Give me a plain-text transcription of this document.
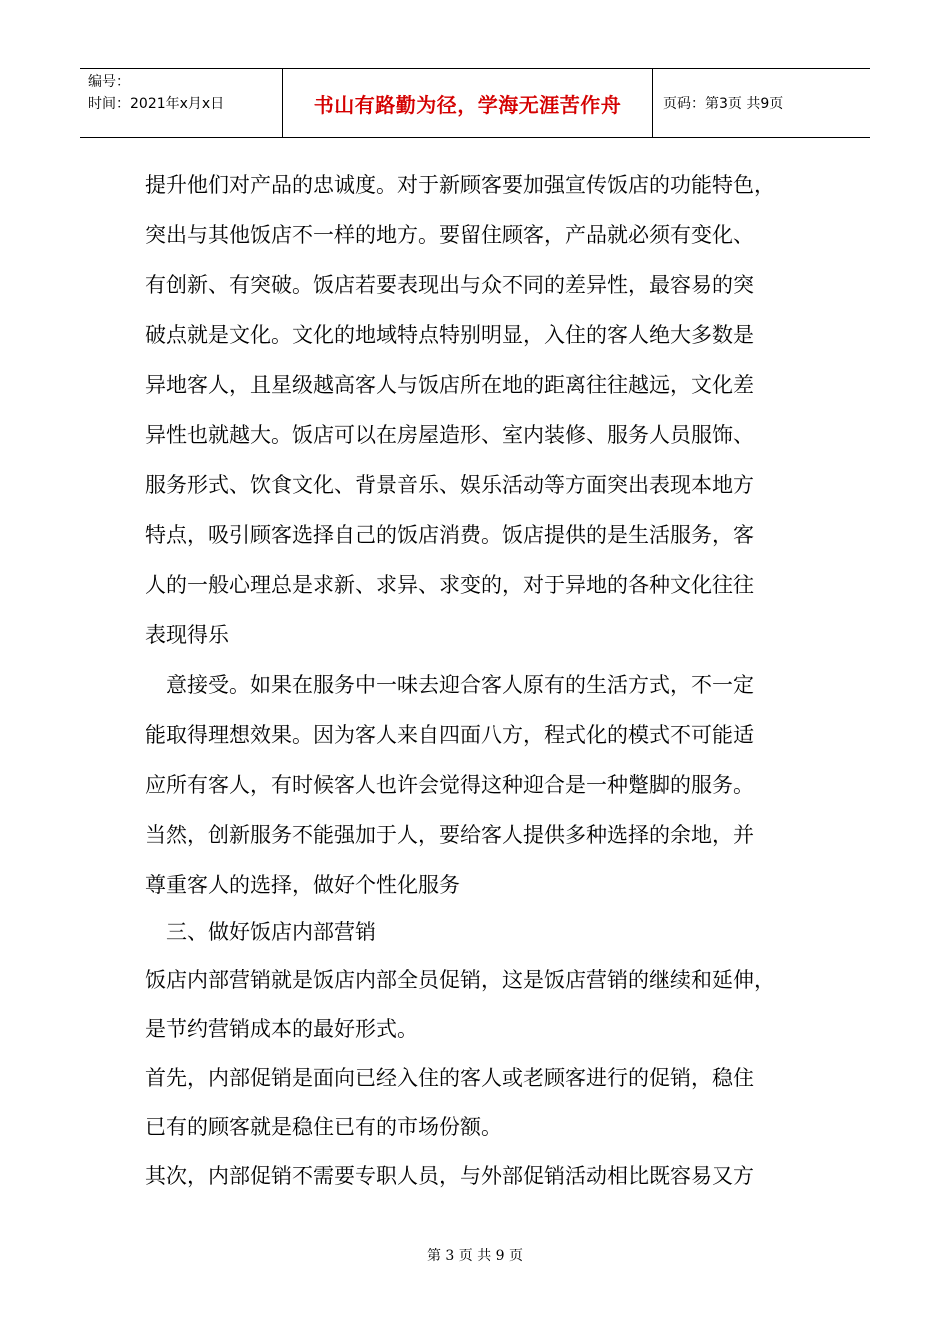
编号：
时间：2021年x月x日	书山有路勤为径，学海无涯苦作舟	页码：第3页 共9页
提升他们对产品的忠诚度。对于新顾客要加强宣传饭店的功能特色，
突出与其他饭店不一样的地方。要留住顾客，产品就必须有变化、
有创新、有突破。饭店若要表现出与众不同的差异性，最容易的突
破点就是文化。文化的地域特点特别明显，入住的客人绝大多数是
异地客人，且星级越高客人与饭店所在地的距离往往越远，文化差
异性也就越大。饭店可以在房屋造形、室内装修、服务人员服饰、
服务形式、饮食文化、背景音乐、娱乐活动等方面突出表现本地方
特点，吸引顾客选择自己的饭店消费。饭店提供的是生活服务，客
人的一般心理总是求新、求异、求变的，对于异地的各种文化往往
表现得乐
意接受。如果在服务中一味去迎合客人原有的生活方式，不一定
能取得理想效果。因为客人来自四面八方，程式化的模式不可能适
应所有客人，有时候客人也许会觉得这种迎合是一种蹩脚的服务。
当然，创新服务不能强加于人，要给客人提供多种选择的余地，并
尊重客人的选择，做好个性化服务
三、做好饭店内部营销
饭店内部营销就是饭店内部全员促销，这是饭店营销的继续和延伸，
是节约营销成本的最好形式。
首先，内部促销是面向已经入住的客人或老顾客进行的促销，稳住
已有的顾客就是稳住已有的市场份额。
其次，内部促销不需要专职人员，与外部促销活动相比既容易又方
第 3 页 共 9 页
